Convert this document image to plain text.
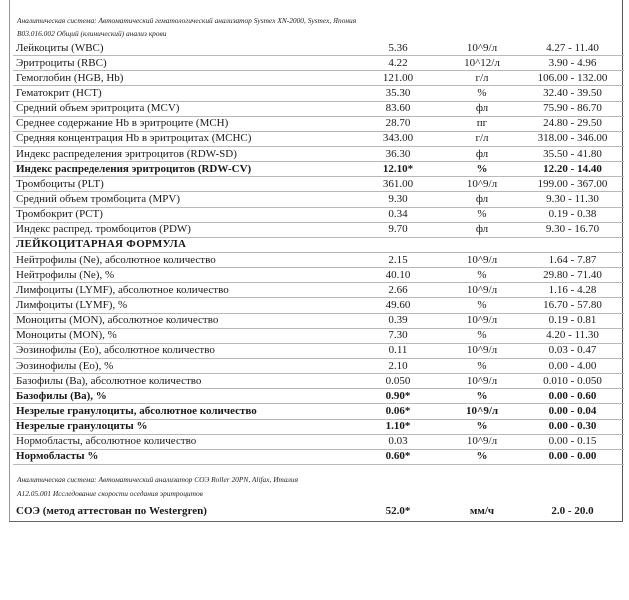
Аналитическая система: Автоматический гематологический анализатор Sysmex XN-2000, Sysmex, Япония
B03.016.002 Общий (клинический) анализ крови
Лейкоциты (WBC)	5.36	10^9/л	4.27 - 11.40
Эритроциты (RBC)	4.22	10^12/л	3.90 - 4.96
Гемоглобин (HGB, Hb)	121.00	г/л	106.00 - 132.00
Гематокрит (HCT)	35.30	%	32.40 - 39.50
Средний объем эритроцита (MCV)	83.60	фл	75.90 - 86.70
Среднее содержание Hb в эритроците (MCH)	28.70	пг	24.80 - 29.50
Средняя концентрация Hb в эритроцитах (MCHC)	343.00	г/л	318.00 - 346.00
Индекс распределения эритроцитов (RDW-SD)	36.30	фл	35.50 - 41.80
Индекс распределения эритроцитов (RDW-CV)	12.10*	%	12.20 - 14.40
Тромбоциты (PLT)	361.00	10^9/л	199.00 - 367.00
Средний объем тромбоцита (MPV)	9.30	фл	9.30 - 11.30
Тромбокрит (PCT)	0.34	%	0.19 - 0.38
Индекс распред. тромбоцитов (PDW)	9.70	фл	9.30 - 16.70
ЛЕЙКОЦИТАРНАЯ ФОРМУЛА			
Нейтрофилы (Ne), абсолютное количество	2.15	10^9/л	1.64 - 7.87
Нейтрофилы (Ne), %	40.10	%	29.80 - 71.40
Лимфоциты (LYMF), абсолютное количество	2.66	10^9/л	1.16 - 4.28
Лимфоциты (LYMF), %	49.60	%	16.70 - 57.80
Моноциты (MON), абсолютное количество	0.39	10^9/л	0.19 - 0.81
Моноциты (MON), %	7.30	%	4.20 - 11.30
Эозинофилы (Eo), абсолютное количество	0.11	10^9/л	0.03 - 0.47
Эозинофилы (Eo), %	2.10	%	0.00 - 4.00
Базофилы (Ba), абсолютное количество	0.050	10^9/л	0.010 - 0.050
Базофилы (Ba), %	0.90*	%	0.00 - 0.60
Незрелые гранулоциты, абсолютное количество	0.06*	10^9/л	0.00 - 0.04
Незрелые гранулоциты %	1.10*	%	0.00 - 0.30
Нормобласты, абсолютное количество	0.03	10^9/л	0.00 - 0.15
Нормобласты %	0.60*	%	0.00 - 0.00
Аналитическая система: Автоматический анализатор СОЭ Roller 20PN, Alifax, Италия
A12.05.001 Исследование скорости оседания эритроцитов
СОЭ (метод аттестован по Westergren)	52.0*	мм/ч	2.0 - 20.0
